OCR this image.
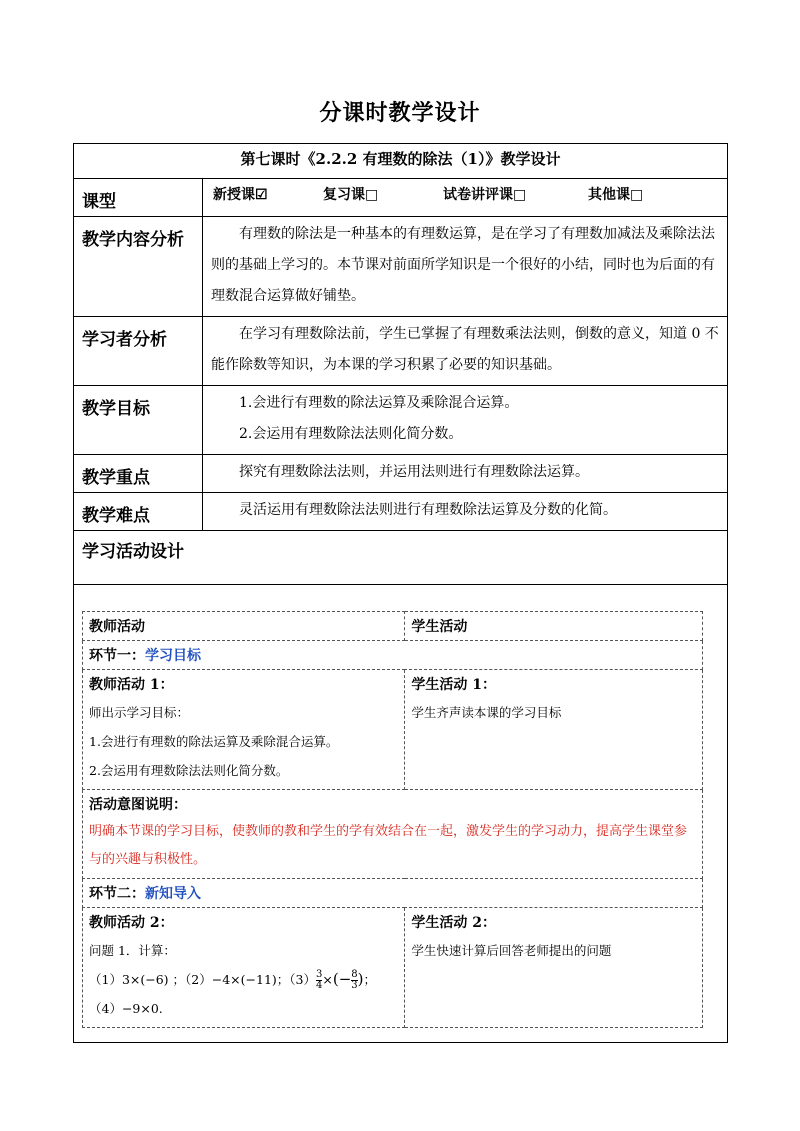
分课时教学设计
第七课时《2.2.2 有理数的除法（1）》教学设计
课型	新授课☑	复习课□	试卷讲评课□	其他课□
教学内容分析	有理数的除法是一种基本的有理数运算，是在学习了有理数加减法及乘除法法则的基础上学习的。本节课对前面所学知识是一个很好的小结，同时也为后面的有理数混合运算做好铺垫。
学习者分析	在学习有理数除法前，学生已掌握了有理数乘法法则，倒数的意义，知道 0 不能作除数等知识，为本课的学习积累了必要的知识基础。
教学目标	1.会进行有理数的除法运算及乘除混合运算。
2.会运用有理数除法法则化简分数。

教学重点	探究有理数除法法则，并运用法则进行有理数除法运算。
教学难点	灵活运用有理数除法法则进行有理数除法运算及分数的化简。
学习活动设计

教师活动	学生活动
环节一：学习目标

教师活动 1：
师出示学习目标：
1.会进行有理数的除法运算及乘除混合运算。
2.会运用有理数除法法则化简分数。

学生活动 1：
学生齐声读本课的学习目标

活动意图说明：
明确本节课的学习目标，使教师的教和学生的学有效结合在一起，激发学生的学习动力，提高学生课堂参与的兴趣与积极性。

环节二：新知导入

教师活动 2：
问题 1．计算：
（1）3×(−6) ；（2）−4×(−11)；$(3) \frac{3}{4}$ ×(− $\frac{8}{3}$ )；
（4）−9×0.

学生活动 2：
学生快速计算后回答老师提出的问题
